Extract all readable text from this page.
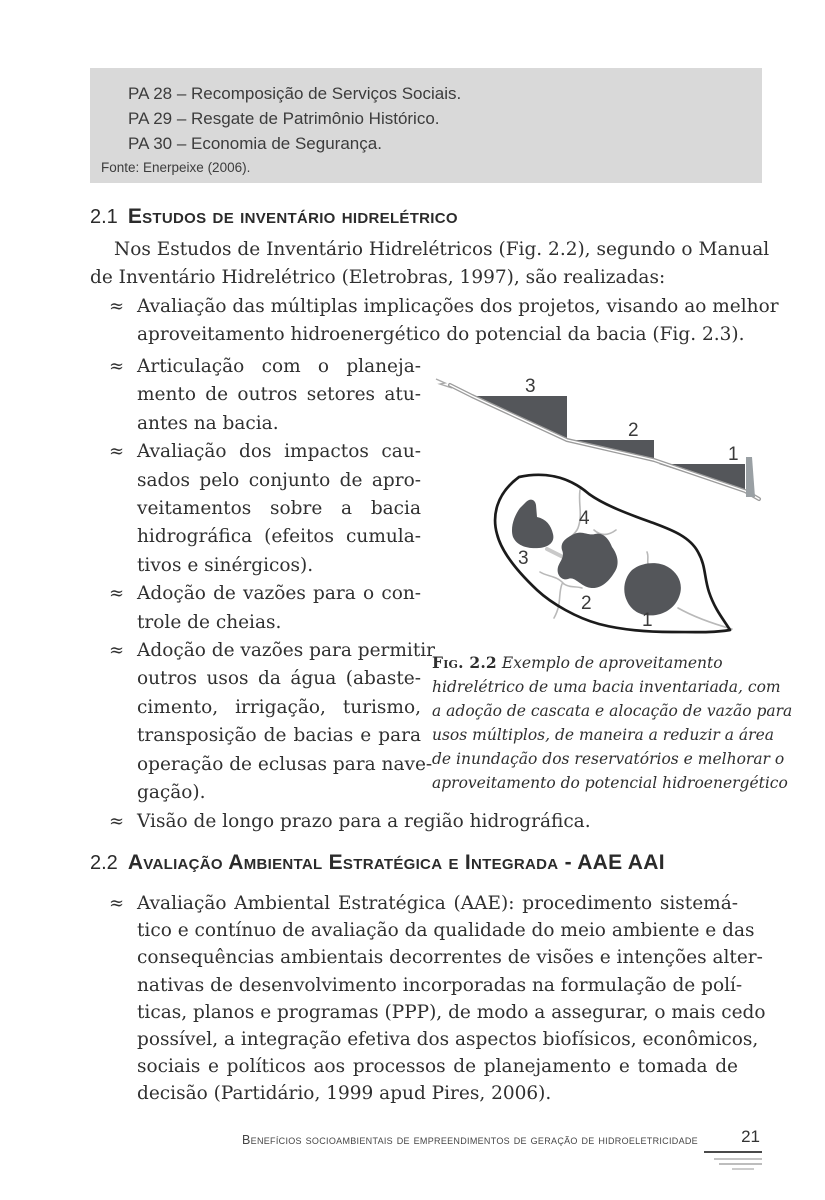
PA 28 – Recomposição de Serviços Sociais.
PA 29 – Resgate de Patrimônio Histórico.
PA 30 – Economia de Segurança.
Fonte: Enerpeixe (2006).
2.1 Estudos de inventário hidrelétrico
Nos Estudos de Inventário Hidrelétricos (Fig. 2.2), segundo o Manual
de Inventário Hidrelétrico (Eletrobras, 1997), são realizadas:
≈ Avaliação das múltiplas implicações dos projetos, visando ao melhor
aproveitamento hidroenergético do potencial da bacia (Fig. 2.3).
≈ Articulação com o planeja-
mento de outros setores atu-
antes na bacia.
≈ Avaliação dos impactos cau-
sados pelo conjunto de apro-
veitamentos sobre a bacia
hidrográfica (efeitos cumula-
tivos e sinérgicos).
≈ Adoção de vazões para o con-
trole de cheias.
≈ Adoção de vazões para permitir
outros usos da água (abaste-
cimento, irrigação, turismo,
transposição de bacias e para
operação de eclusas para nave-
gação).
3
2
1
4
3
2
1
Fig. 2.2 Exemplo de aproveitamento
hidrelétrico de uma bacia inventariada, com
a adoção de cascata e alocação de vazão para
usos múltiplos, de maneira a reduzir a área
de inundação dos reservatórios e melhorar o
aproveitamento do potencial hidroenergético
≈ Visão de longo prazo para a região hidrográfica.
2.2 Avaliação Ambiental Estratégica e Integrada - AAE AAI
≈ Avaliação Ambiental Estratégica (AAE): procedimento sistemá-
tico e contínuo de avaliação da qualidade do meio ambiente e das
consequências ambientais decorrentes de visões e intenções alter-
nativas de desenvolvimento incorporadas na formulação de polí-
ticas, planos e programas (PPP), de modo a assegurar, o mais cedo
possível, a integração efetiva dos aspectos biofísicos, econômicos,
sociais e políticos aos processos de planejamento e tomada de
decisão (Partidário, 1999 apud Pires, 2006).
Benefícios socioambientais de empreendimentos de geração de hidroeletricidade	21
